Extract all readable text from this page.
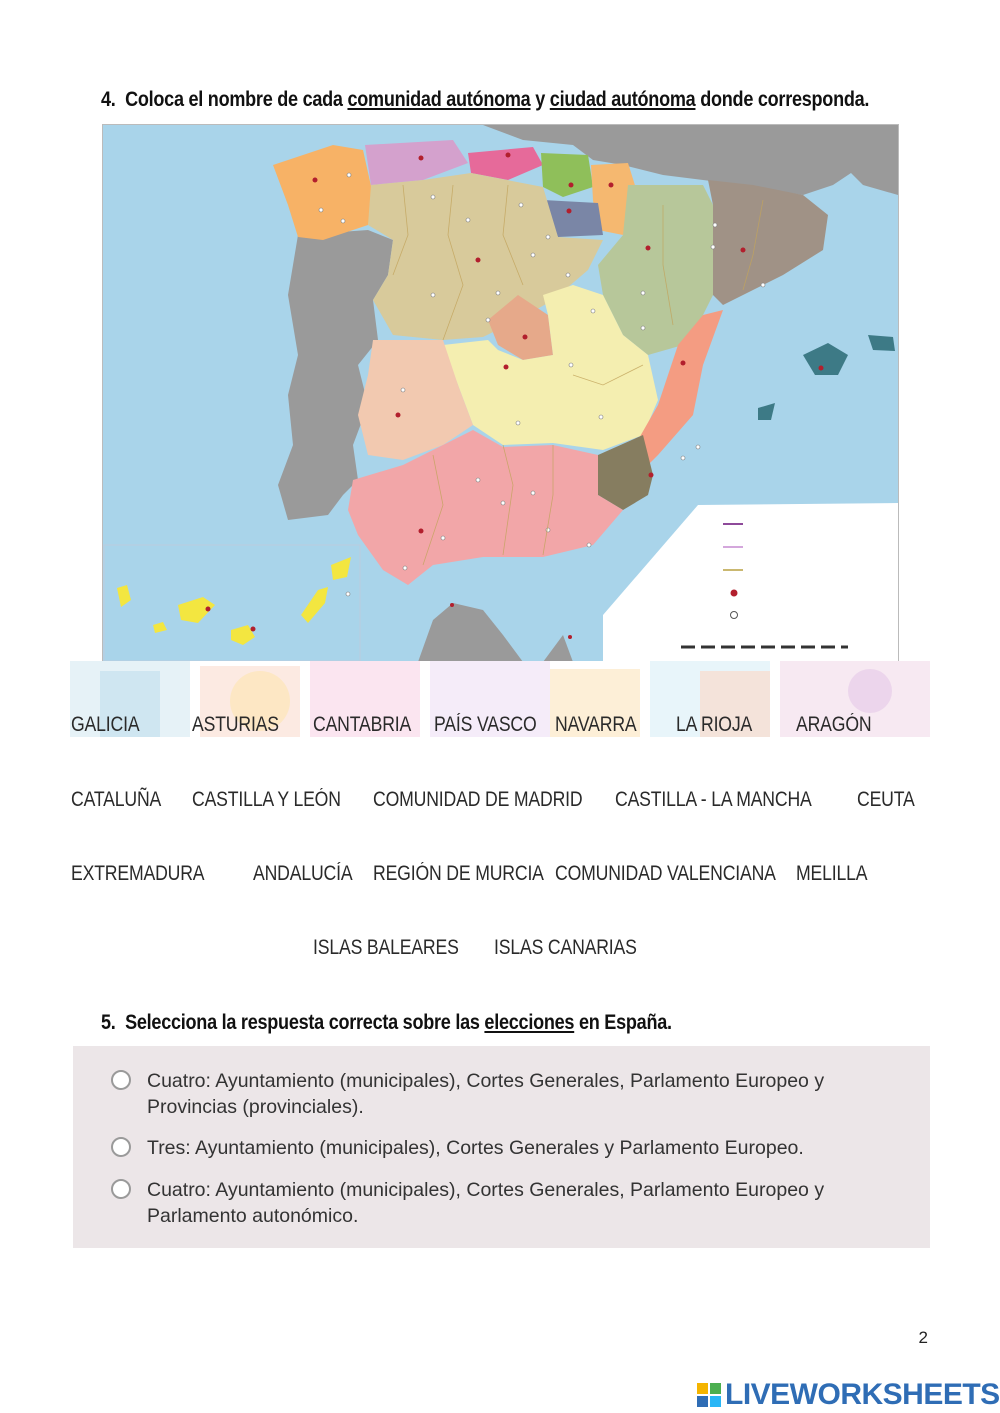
4. Coloca el nombre de cada comunidad autónoma y ciudad autónoma donde corresponda.
GALICIA	ASTURIAS CANTABRIA PAÍS VASCO NAVARRA LA RIOJA ARAGÓN
CATALUÑA CASTILLA Y LEÓN COMUNIDAD DE MADRID CASTILLA - LA MANCHA CEUTA
EXTREMADURA ANDALUCÍA REGIÓN DE MURCIA COMUNIDAD VALENCIANA MELILLA
ISLAS BALEARES ISLAS CANARIAS
5. Selecciona la respuesta correcta sobre las elecciones en España.
Cuatro: Ayuntamiento (municipales), Cortes Generales, Parlamento Europeo y Provincias (provinciales).
Tres: Ayuntamiento (municipales), Cortes Generales y Parlamento Europeo.
Cuatro: Ayuntamiento (municipales), Cortes Generales, Parlamento Europeo y Parlamento autonómico.
2
LIVEWORKSHEETS
